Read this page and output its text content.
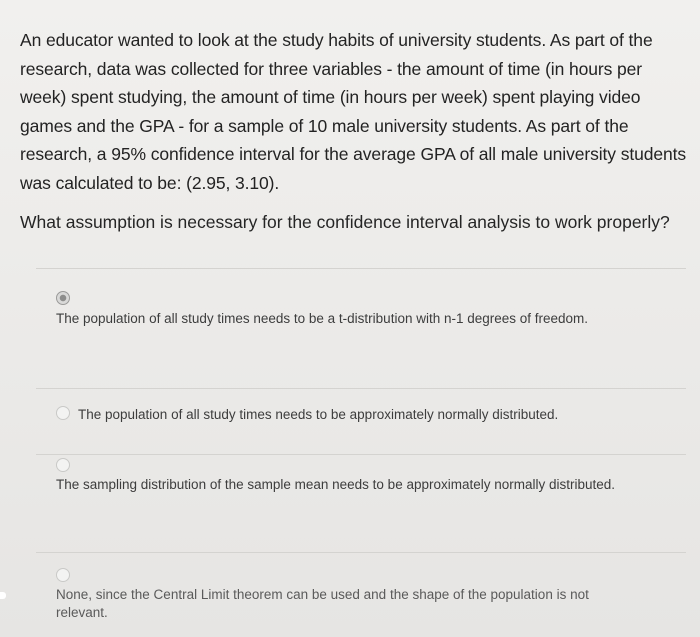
An educator wanted to look at the study habits of university students. As part of the research, data was collected for three variables - the amount of time (in hours per week) spent studying, the amount of time (in hours per week) spent playing video games and the GPA - for a sample of 10 male university students. As part of the research, a 95% confidence interval for the average GPA of all male university students was calculated to be: (2.95, 3.10).
What assumption is necessary for the confidence interval analysis to work properly?
The population of all study times needs to be a t-distribution with n-1 degrees of freedom.
The population of all study times needs to be approximately normally distributed.
The sampling distribution of the sample mean needs to be approximately normally distributed.
None, since the Central Limit theorem can be used and the shape of the population is not relevant.
